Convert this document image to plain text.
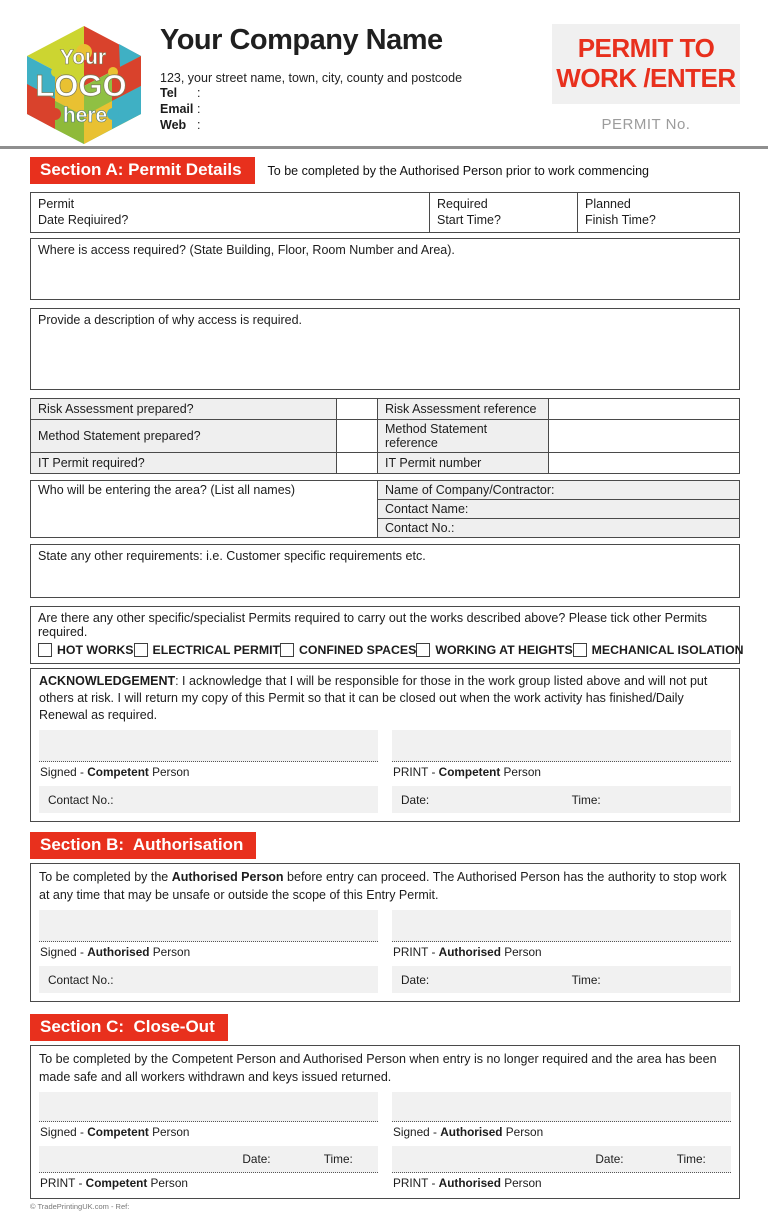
Your
LOGO
here
Your Company Name
123, your street name, town, city, county and postcode
Tel	:
Email :
Web :
PERMIT TO
WORK /ENTER
PERMIT No.
Section A: Permit Details	To be completed by the Authorised Person prior to work commencing
Permit
Date Reqiuired?
Required
Start Time?
Planned
Finish Time?
Where is access required? (State Building, Floor, Room Number and Area).
Provide a description of why access is required.
Risk Assessment prepared?		Risk Assessment reference	
Method Statement prepared?		Method Statement reference	
IT Permit required?		IT Permit number	
Who will be entering the area? (List all names)	Name of Company/Contractor:
Contact Name:
Contact No.:
State any other requirements: i.e. Customer specific requirements etc.
Are there any other specific/specialist Permits required to carry out the works described above? Please tick other Permits required.
HOT WORKS ELECTRICAL PERMIT CONFINED SPACES WORKING AT HEIGHTS MECHANICAL ISOLATION
ACKNOWLEDGEMENT: I acknowledge that I will be responsible for those in the work group listed above and will not put others at risk. I will return my copy of this Permit so that it can be closed out when the work activity has finished/Daily Renewal as required.
Signed - Competent Person
Contact No.:
PRINT - Competent Person
Date:	Time:
Section B:  Authorisation
To be completed by the Authorised Person before entry can proceed. The Authorised Person has the authority to stop work at any time that may be unsafe or outside the scope of this Entry Permit.
Signed - Authorised Person
Contact No.:
PRINT - Authorised Person
Date:	Time:
Section C:  Close-Out
To be completed by the Competent Person and Authorised Person when entry is no longer required and the area has been made safe and all workers withdrawn and keys issued returned.
Signed - Competent Person
Date:	Time:
PRINT - Competent Person
Signed - Authorised Person
Date:	Time:
PRINT - Authorised Person
© TradePrintingUK.com - Ref:
